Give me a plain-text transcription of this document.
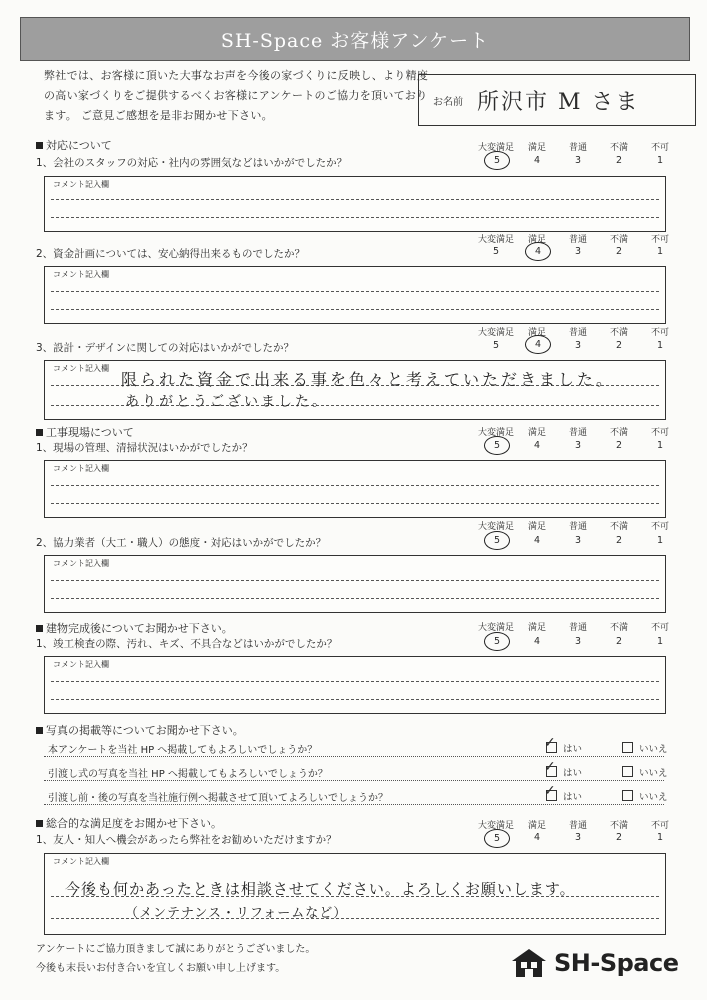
SH-Space お客様アンケート
弊社では、お客様に頂いた大事なお声を今後の家づくりに反映し、より精度
の高い家づくりをご提供するべくお客様にアンケートのご協力を頂いており
ます。 ご意見ご感想を是非お聞かせ下さい。
お名前 所沢市 M さま
対応について	大変満足	満足	普通	不満	不可
1、会社のスタッフの対応・社内の雰囲気などはいかがでしたか？	5	4	3	2	1
コメント記入欄
大変満足	満足	普通	不満	不可
2、資金計画については、安心納得出来るものでしたか？	5	4	3	2	1
コメント記入欄
大変満足	満足	普通	不満	不可
3、設計・デザインに関しての対応はいかがでしたか？	5	4	3	2	1
コメント記入欄
限られた資金で出来る事を色々と考えていただきました。
ありがとうございました。
工事現場について	大変満足	満足	普通	不満	不可
1、現場の管理、清掃状況はいかがでしたか？	5	4	3	2	1
コメント記入欄
大変満足	満足	普通	不満	不可
2、協力業者（大工・職人）の態度・対応はいかがでしたか？	5	4	3	2	1
コメント記入欄
建物完成後についてお聞かせ下さい。	大変満足	満足	普通	不満	不可
1、竣工検査の際、汚れ、キズ、不具合などはいかがでしたか？	5	4	3	2	1
コメント記入欄
写真の掲載等についてお聞かせ下さい。
本アンケートを当社 HP へ掲載してもよろしいでしょうか？ ✓	はい	いいえ
引渡し式の写真を当社 HP へ掲載してもよろしいでしょうか？ ✓	はい	いいえ
引渡し前・後の写真を当社施行例へ掲載させて頂いてよろしいでしょうか？ ✓	はい	いいえ
総合的な満足度をお聞かせ下さい。	大変満足	満足	普通	不満	不可
1、友人・知人へ機会があったら弊社をお勧めいただけますか？	5	4	3	2	1
コメント記入欄
今後も何かあったときは相談させてください。よろしくお願いします。
（メンテナンス・リフォームなど）
アンケートにご協力頂きまして誠にありがとうございました。
今後も末長いお付き合いを宜しくお願い申し上げます。	SH-Space
